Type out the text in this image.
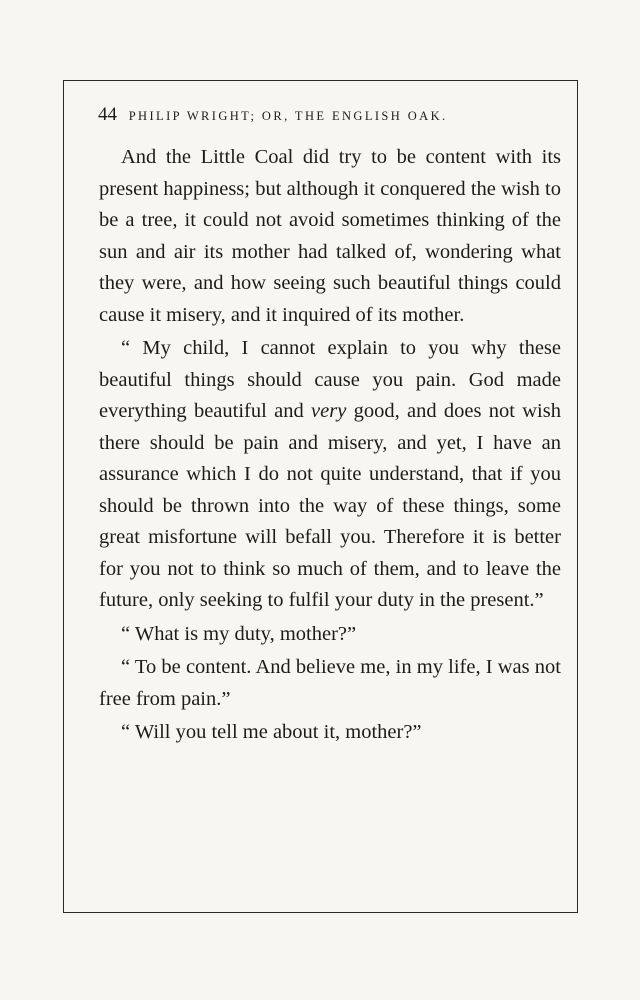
44 PHILIP WRIGHT; OR, THE ENGLISH OAK.

And the Little Coal did try to be content with its present happiness; but although it conquered the wish to be a tree, it could not avoid sometimes thinking of the sun and air its mother had talked of, wondering what they were, and how seeing such beautiful things could cause it misery, and it inquired of its mother.

“ My child, I cannot explain to you why these beautiful things should cause you pain. God made everything beautiful and very good, and does not wish there should be pain and misery, and yet, I have an assurance which I do not quite understand, that if you should be thrown into the way of these things, some great misfortune will befall you. Therefore it is better for you not to think so much of them, and to leave the future, only seeking to fulfil your duty in the present.”

“ What is my duty, mother?”

“ To be content. And believe me, in my life, I was not free from pain.”

“ Will you tell me about it, mother?”
